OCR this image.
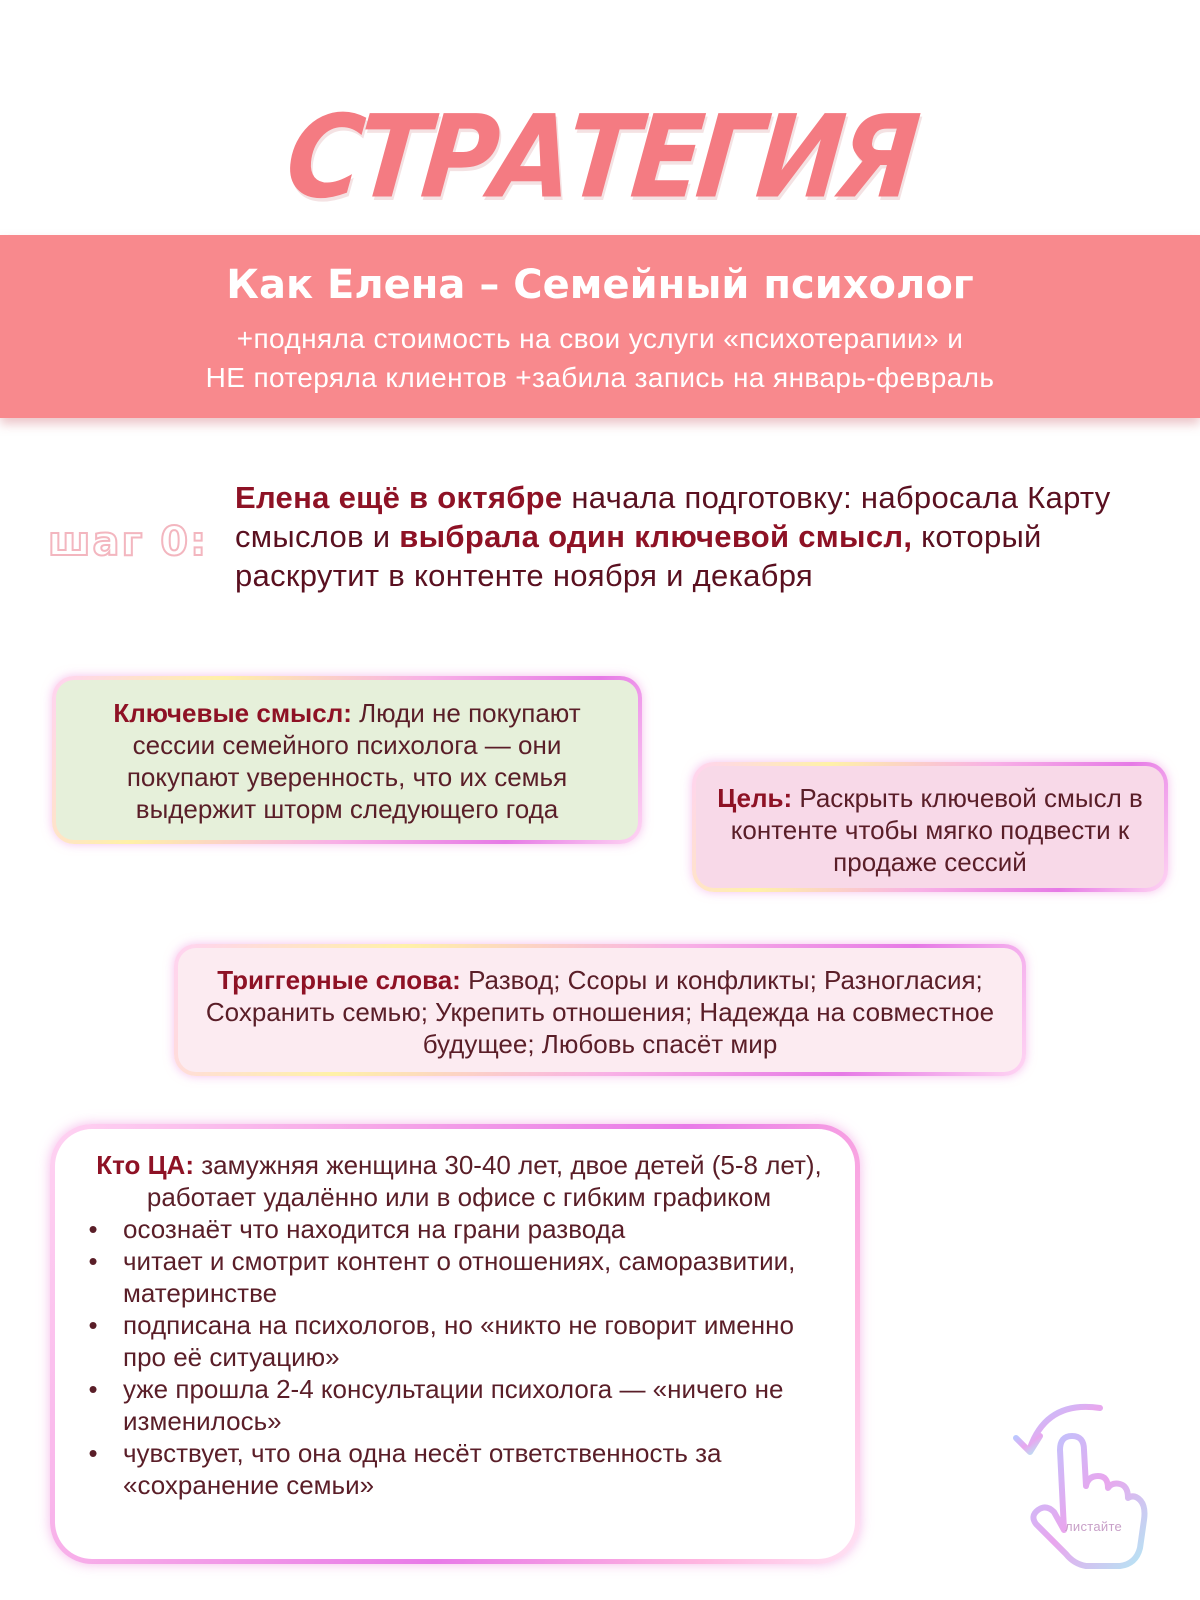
СТРАТЕГИЯ
Как Елена – Семейный психолог
+подняла стоимость на свои услуги «психотерапии» и
НЕ потеряла клиентов +забила запись на январь-февраль
шаг 0:
Елена ещё в октябре начала подготовку: набросала Карту смыслов и выбрала один ключевой смысл, который раскрутит в контенте ноября и декабря
Ключевые смысл: Люди не покупают сессии семейного психолога — они покупают уверенность, что их семья выдержит шторм следующего года	Цель: Раскрыть ключевой смысл в контенте чтобы мягко подвести к продаже сессий
Триггерные слова: Развод; Ссоры и конфликты; Разногласия; Сохранить семью; Укрепить отношения; Надежда на совместное будущее; Любовь спасёт мир
Кто ЦА: замужняя женщина 30-40 лет, двое детей (5-8 лет), работает удалённо или в офисе с гибким графиком
• осознаёт что находится на грани развода
• читает и смотрит контент о отношениях, саморазвитии, материнстве
• подписана на психологов, но «никто не говорит именно про её ситуацию»
• уже прошла 2-4 консультации психолога — «ничего не изменилось»
• чувствует, что она одна несёт ответственность за «сохранение семьи»
листайте
